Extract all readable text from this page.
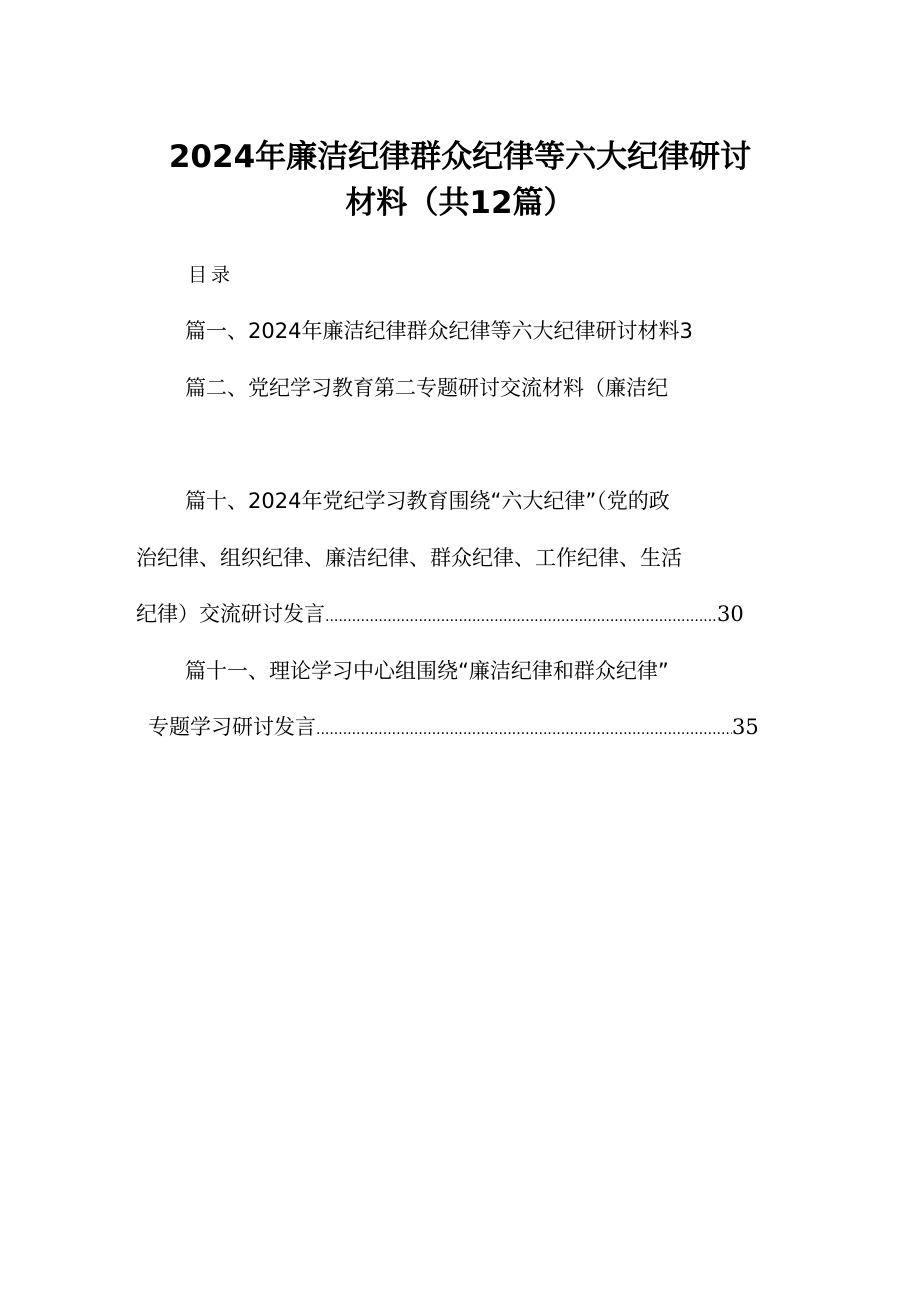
2024年廉洁纪律群众纪律等六大纪律研讨
材料（共12篇）
目录
篇一、2024年廉洁纪律群众纪律等六大纪律研讨材料3
篇二、党纪学习教育第二专题研讨交流材料（廉洁纪
篇十、2024年党纪学习教育围绕“六大纪律”（党的政
治纪律、组织纪律、廉洁纪律、群众纪律、工作纪律、生活
纪律）交流研讨发言 .....	30
篇十一、理论学习中心组围绕“廉洁纪律和群众纪律”
专题学习研讨发言 .....	35
